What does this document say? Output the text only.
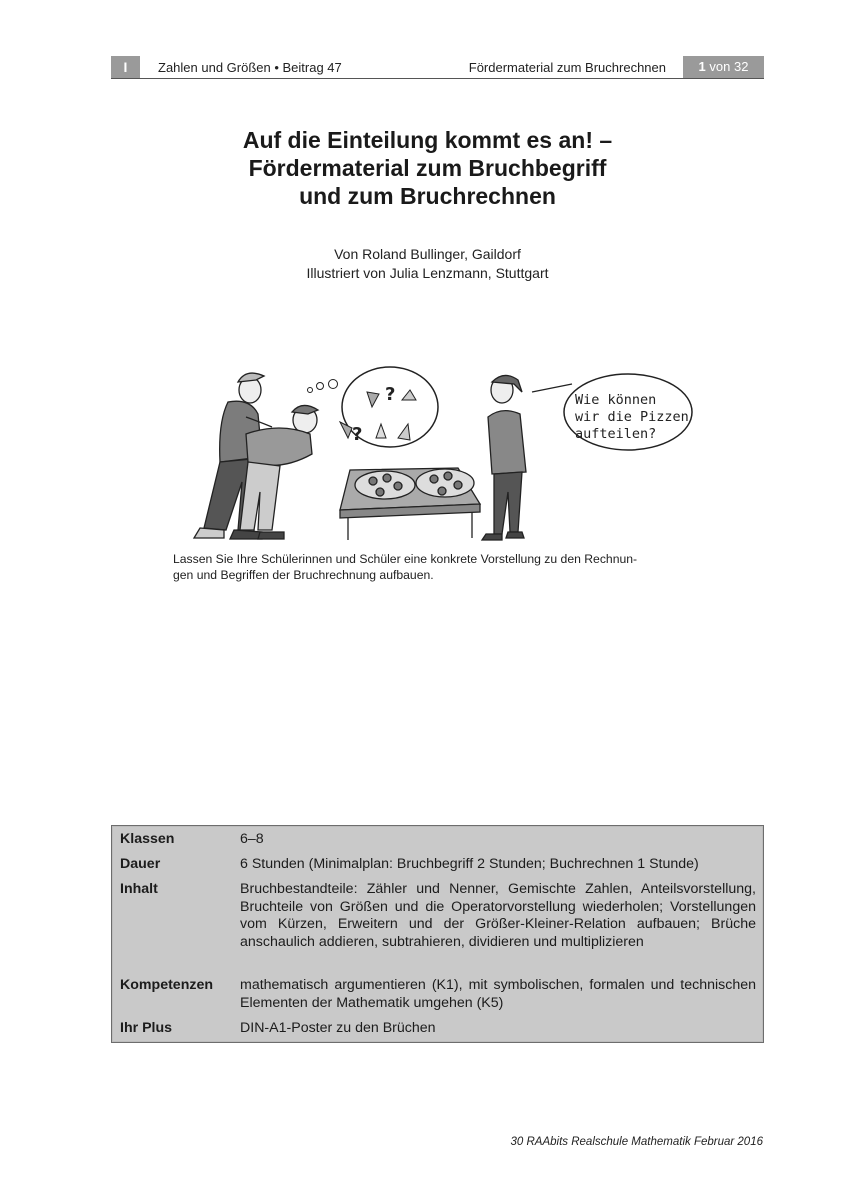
I	Zahlen und Größen • Beitrag 47	Fördermaterial zum Bruchrechnen	1 von 32
Auf die Einteilung kommt es an! –
Fördermaterial zum Bruchbegriff
und zum Bruchrechnen
Von Roland Bullinger, Gaildorf
Illustriert von Julia Lenzmann, Stuttgart
?
?
Wie können
wir die Pizzen
aufteilen?
Lassen Sie Ihre Schülerinnen und Schüler eine konkrete Vorstellung zu den Rechnun-
gen und Begriffen der Bruchrechnung aufbauen.
Klassen	6–8
Dauer	6 Stunden (Minimalplan: Bruchbegriff 2 Stunden; Buchrechnen 1 Stunde)
Inhalt	Bruchbestandteile: Zähler und Nenner, Gemischte Zahlen, Anteilsvorstellung, Bruchteile von Größen und die Operatorvorstellung wiederholen; Vorstellungen vom Kürzen, Erweitern und der Größer-Kleiner-Relation aufbauen; Brüche anschaulich addieren, subtrahieren, dividieren und multiplizieren
Kompetenzen	mathematisch argumentieren (K1), mit symbolischen, formalen und technischen Elementen der Mathematik umgehen (K5)
Ihr Plus	DIN-A1-Poster zu den Brüchen
30 RAAbits Realschule Mathematik Februar 2016
